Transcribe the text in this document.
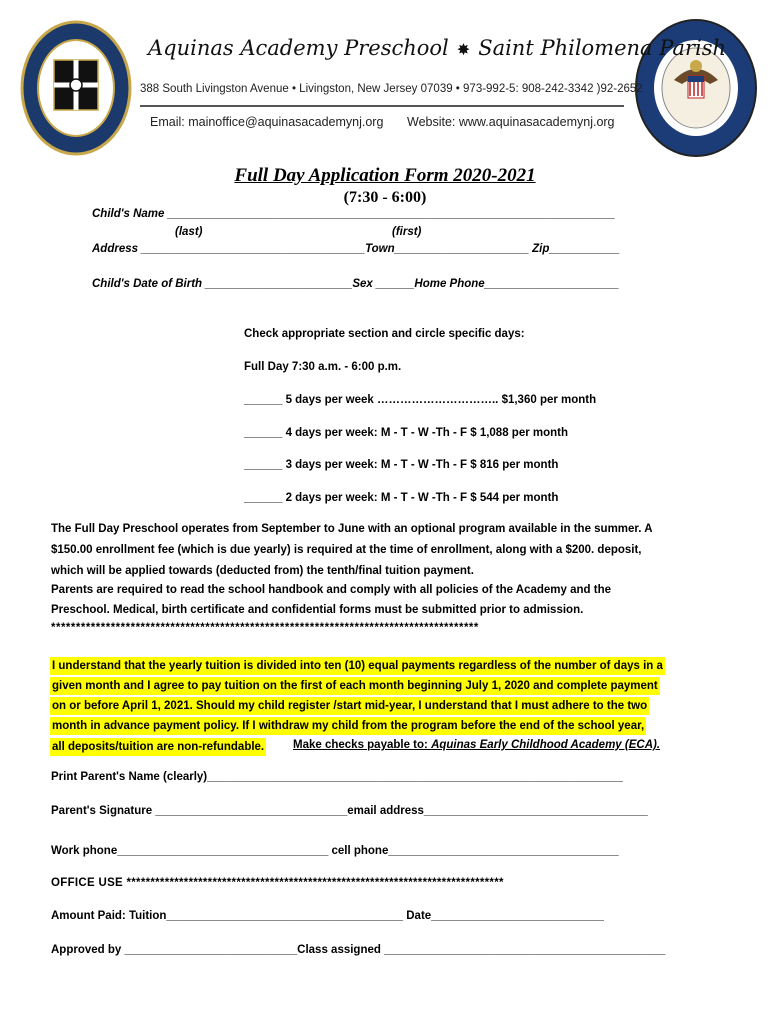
Aquinas Academy Preschool ✸ Saint Philomena Parish
388 South Livingston Avenue • Livingston, New Jersey 07039 • 973-992-5: 908-242-3342 )92-2652
Email: mainoffice@aquinasacademynj.org Website: www.aquinasacademynj.org
Full Day Application Form 2020-2021
(7:30 - 6:00)
Child's Name ______________________________________________________________________
(last)	(first)
Address ___________________________________Town_____________________ Zip___________
Child's Date of Birth _______________________Sex ______Home Phone_____________________
Check appropriate section and circle specific days:
Full Day 7:30 a.m. - 6:00 p.m.
______ 5 days per week ………………………….. $1,360 per month
______ 4 days per week: M - T - W -Th - F $ 1,088 per month
______ 3 days per week: M - T - W -Th - F $ 816 per month
______ 2 days per week: M - T - W -Th - F $ 544 per month
The Full Day Preschool operates from September to June with an optional program available in the summer. A
$150.00 enrollment fee (which is due yearly) is required at the time of enrollment, along with a $200. deposit,
which will be applied towards (deducted from) the tenth/final tuition payment.
Parents are required to read the school handbook and comply with all policies of the Academy and the
Preschool. Medical, birth certificate and confidential forms must be submitted prior to admission.
**************************************************************************************
I understand that the yearly tuition is divided into ten (10) equal payments regardless of the number of days in a
given month and I agree to pay tuition on the first of each month beginning July 1, 2020 and complete payment
on or before April 1, 2021. Should my child register /start mid-year, I understand that I must adhere to the two
month in advance payment policy. If I withdraw my child from the program before the end of the school year,
all deposits/tuition are non-refundable.	Make checks payable to: Aquinas Early Childhood Academy (ECA).
Print Parent's Name (clearly)_________________________________________________________________
Parent's Signature ______________________________email address___________________________________
Work phone_________________________________ cell phone____________________________________
OFFICE USE *******************************************************************************
Amount Paid: Tuition_____________________________________ Date___________________________
Approved by ___________________________Class assigned ____________________________________________
